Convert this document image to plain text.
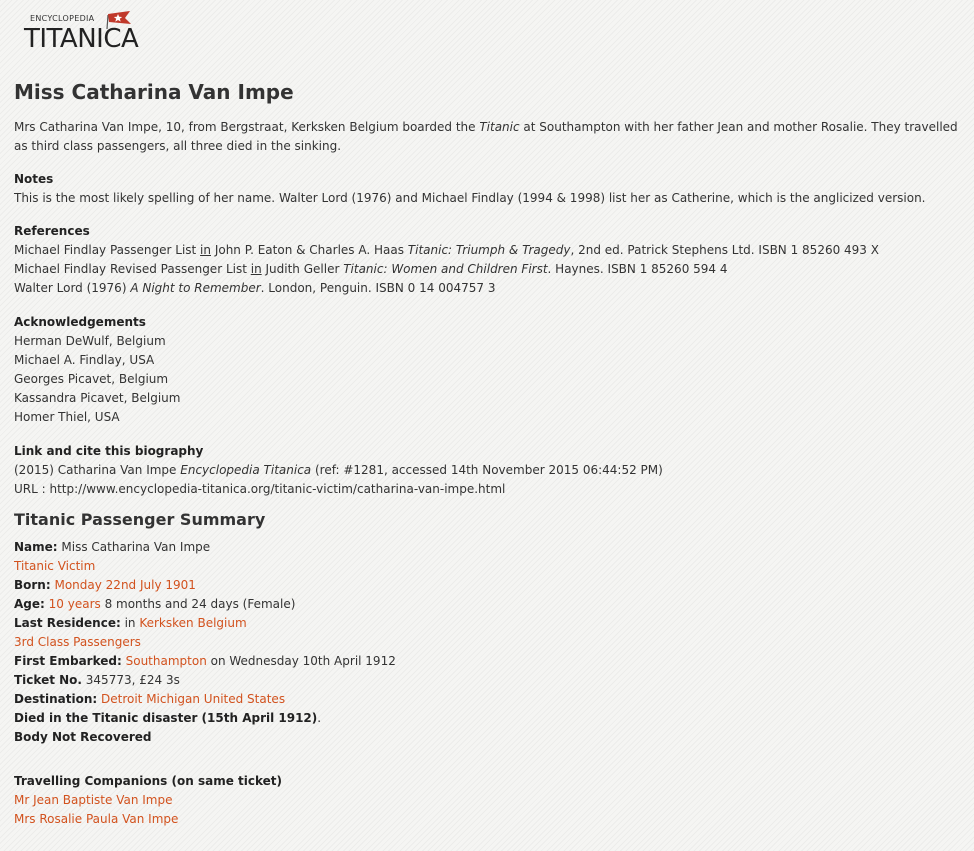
ENCYCLOPEDIA
TITANICA
Miss Catharina Van Impe

Mrs Catharina Van Impe, 10, from Bergstraat, Kerksken Belgium boarded the Titanic at Southampton with her father Jean and mother Rosalie. They travelled as third class passengers, all three died in the sinking.

Notes
This is the most likely spelling of her name. Walter Lord (1976) and Michael Findlay (1994 & 1998) list her as Catherine, which is the anglicized version.
References
Michael Findlay Passenger List in John P. Eaton & Charles A. Haas Titanic: Triumph & Tragedy, 2nd ed. Patrick Stephens Ltd. ISBN 1 85260 493 X
Michael Findlay Revised Passenger List in Judith Geller Titanic: Women and Children First. Haynes. ISBN 1 85260 594 4
Walter Lord (1976) A Night to Remember. London, Penguin. ISBN 0 14 004757 3
Acknowledgements
Herman DeWulf, Belgium
Michael A. Findlay, USA
Georges Picavet, Belgium
Kassandra Picavet, Belgium
Homer Thiel, USA
Link and cite this biography
(2015) Catharina Van Impe Encyclopedia Titanica (ref: #1281, accessed 14th November 2015 06:44:52 PM)
URL : http://www.encyclopedia-titanica.org/titanic-victim/catharina-van-impe.html
Titanic Passenger Summary
Name: Miss Catharina Van Impe
Titanic Victim
Born: Monday 22nd July 1901
Age: 10 years 8 months and 24 days (Female)
Last Residence: in Kerksken Belgium
3rd Class Passengers
First Embarked: Southampton on Wednesday 10th April 1912
Ticket No. 345773, £24 3s
Destination: Detroit Michigan United States
Died in the Titanic disaster (15th April 1912).
Body Not Recovered
Travelling Companions (on same ticket)
Mr Jean Baptiste Van Impe
Mrs Rosalie Paula Van Impe
